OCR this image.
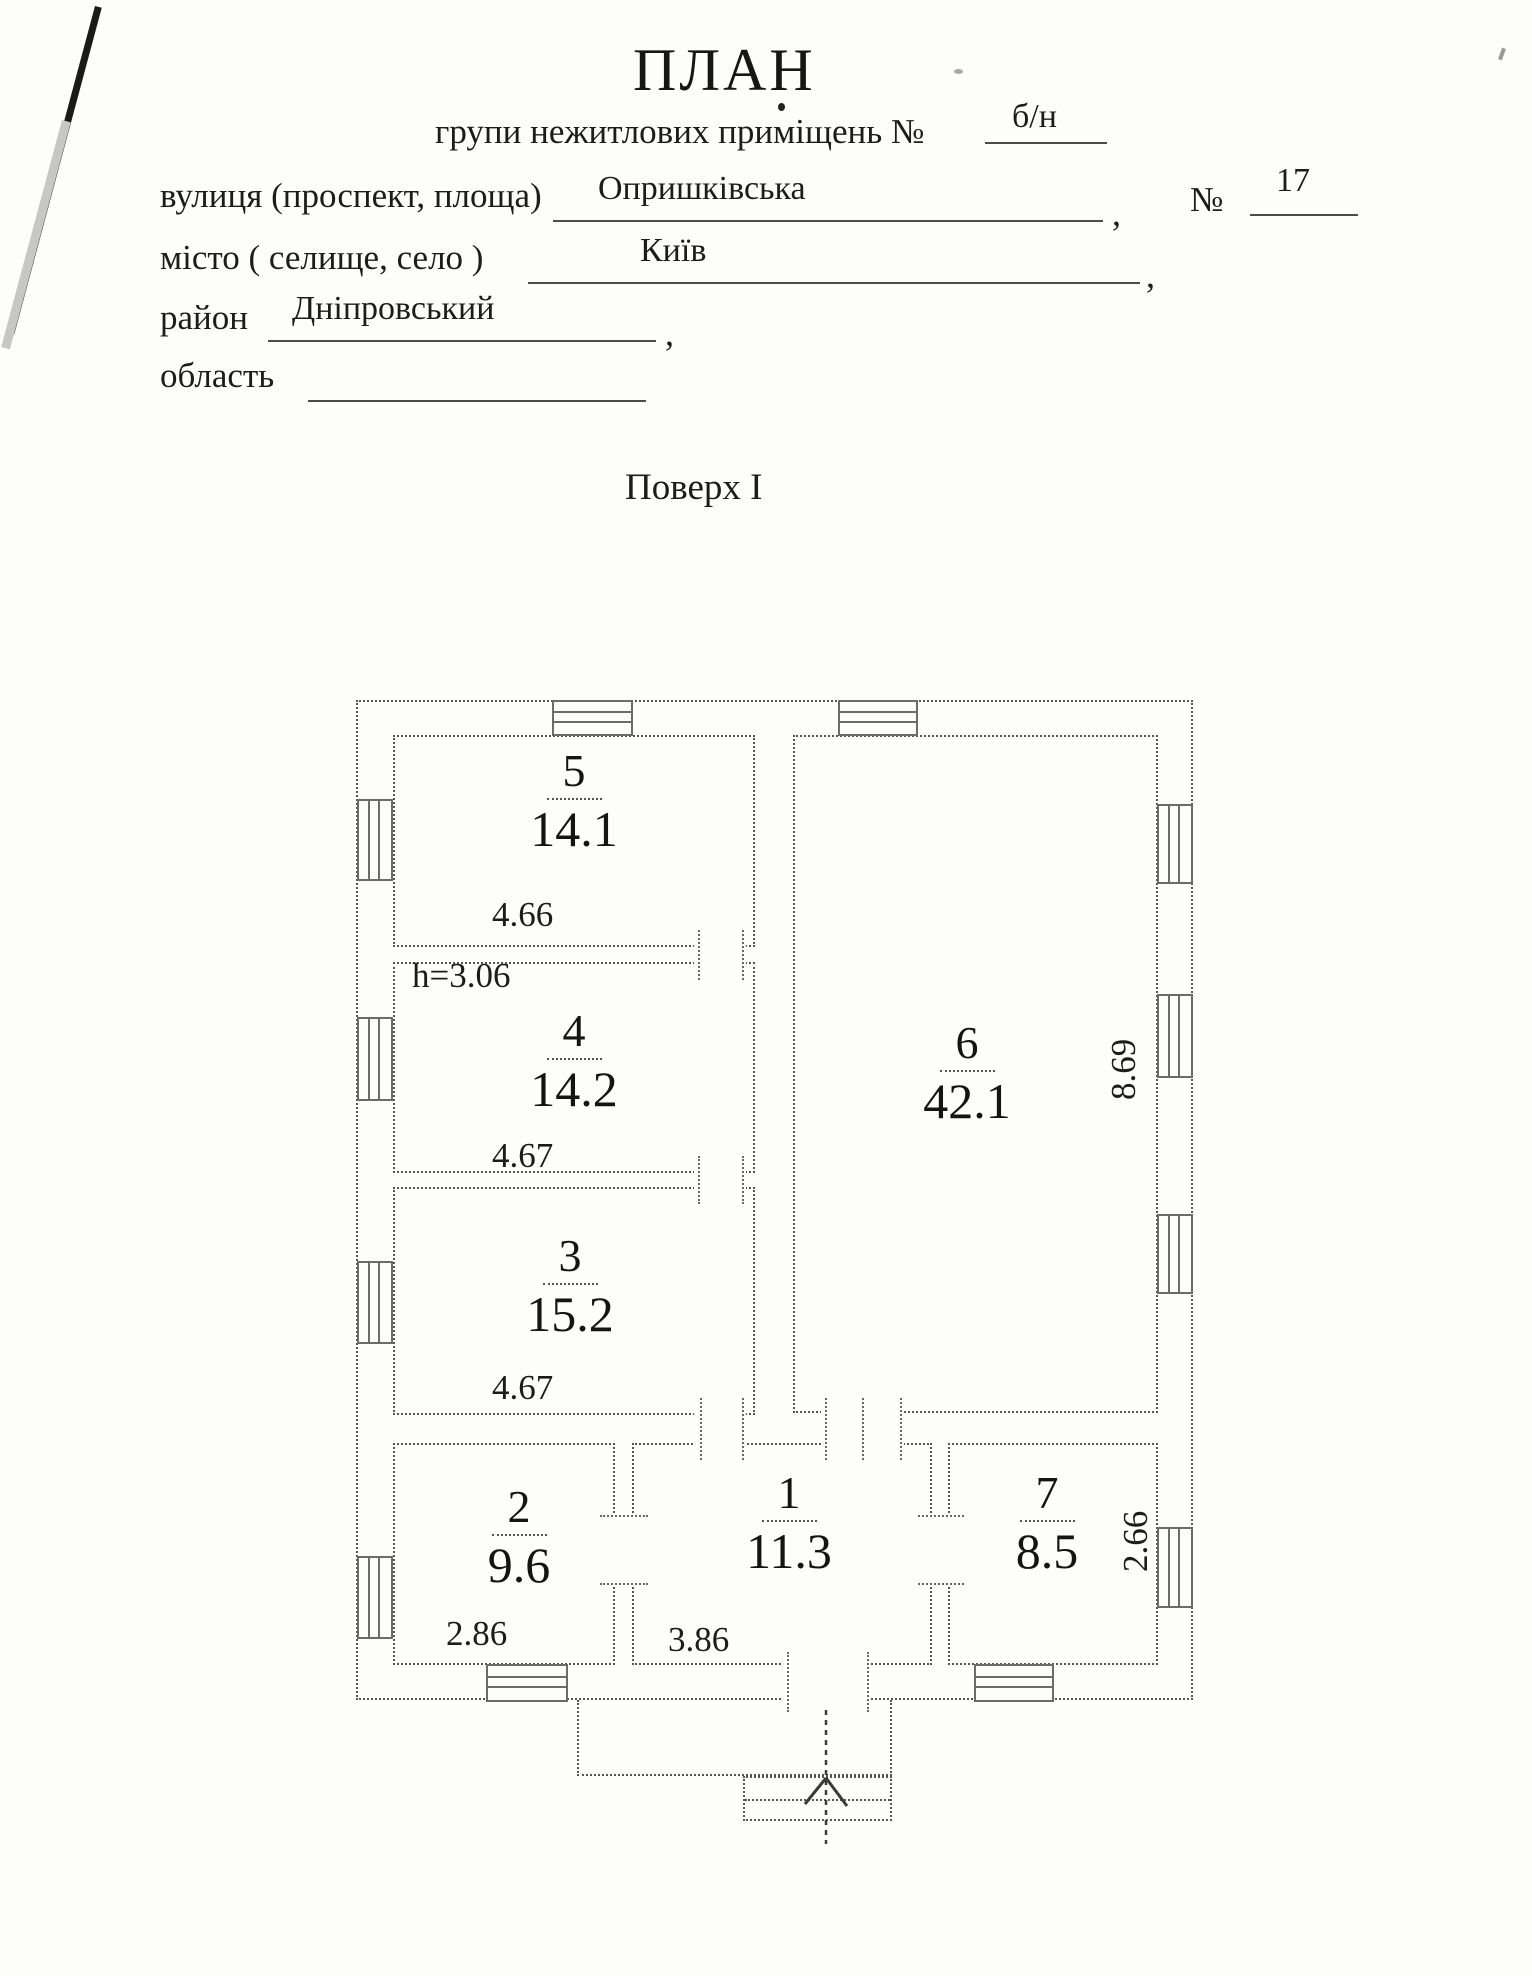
ПЛАН
групи нежитлових приміщень №	б/н
вулиця (проспект, площа) Опришківська
, № 17
місто ( селище, село )	Київ
,
район Дніпровський
,
область
Поверх I
5
14.1
4
14.2
3
15.2
6
42.1
2
9.6
1
11.3
7
8.5
h=3.06
4.66
4.67
4.67
2.86	3.86
8.69
2.66
